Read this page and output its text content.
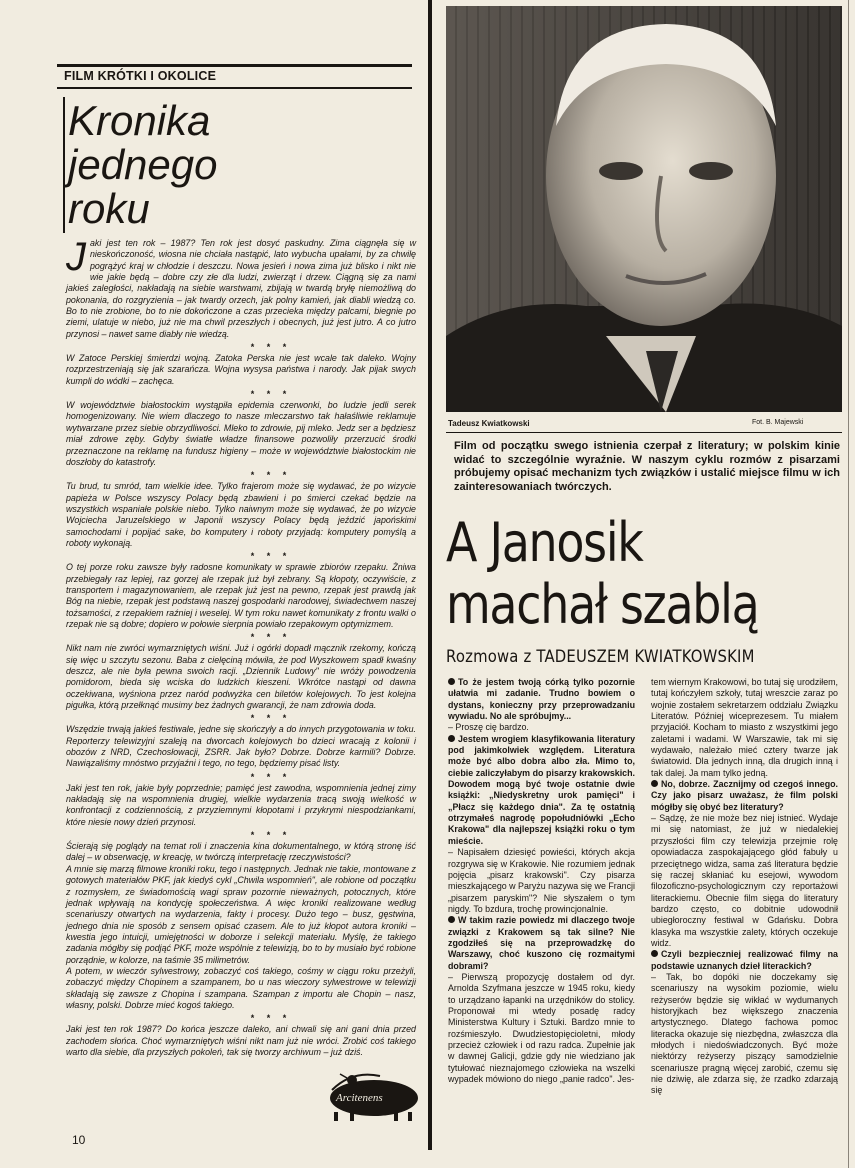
FILM KRÓTKI I OKOLICE
Kronika
jednego
roku

Jaki jest ten rok – 1987? Ten rok jest dosyć paskudny. Zima ciągnęła się w nieskończoność, wiosna nie chciała nastąpić, lato wybucha upałami, by za chwilę pogrążyć kraj w chłodzie i deszczu. Nowa jesień i nowa zima już blisko i nikt nie wie jakie będą – dobre czy złe dla ludzi, zwierząt i drzew. Ciągną się za nami jakieś zaległości, nakładają na siebie warstwami, zbijają w twardą bryłę niemożliwą do pokonania, do rozgryzienia – jak twardy orzech, jak polny kamień, jak diabli wiedzą co. Bo to nie zrobione, bo to nie dokończone a czas przecieka między palcami, biegnie po ziemi, ulatuje w niebo, już nie ma chwil przeszłych i obecnych, już jest jutro. A co jutro przynosi – nawet same diabły nie wiedzą.

* * *

W Zatoce Perskiej śmierdzi wojną. Zatoka Perska nie jest wcale tak daleko. Wojny rozprzestrzeniają się jak szarańcza. Wojna wysysa państwa i narody. Jak pijak swych kumpli do wódki – zachęca.

* * *

W województwie białostockim wystąpiła epidemia czerwonki, bo ludzie jedli serek homogenizowany. Nie wiem dlaczego to nasze mleczarstwo tak hałaśliwie reklamuje wytwarzane przez siebie obrzydliwości. Mleko to zdrowie, pij mleko. Jedz ser a będziesz miał zdrowe zęby. Gdyby światłe władze finansowe pozwoliły przerzucić środki przeznaczone na reklamę na fundusz higieny – może w województwie białostockim nie doszłoby do katastrofy.

* * *

Tu brud, tu smród, tam wielkie idee. Tylko frajerom może się wydawać, że po wizycie papieża w Polsce wszyscy Polacy będą zbawieni i po śmierci czekać będzie na wszystkich wspaniałe polskie niebo. Tylko naiwnym może się wydawać, że po wizycie Wojciecha Jaruzelskiego w Japonii wszyscy Polacy będą jeździć japońskimi samochodami i popijać sake, bo komputery i roboty przyjadą: komputery pomyślą a roboty wykonają.

* * *

O tej porze roku zawsze były radosne komunikaty w sprawie zbiorów rzepaku. Żniwa przebiegały raz lepiej, raz gorzej ale rzepak już był zebrany. Są kłopoty, oczywiście, z transportem i magazynowaniem, ale rzepak już jest na pewno, rzepak jest prawdą jak Bóg na niebie, rzepak jest podstawą naszej gospodarki narodowej, świadectwem naszej tożsamości, z rzepakiem raźniej i weselej. W tym roku nawet komunikaty z frontu walki o rzepak nie są dobre; dopiero w połowie sierpnia powiało rzepakowym optymizmem.

* * *

Nikt nam nie zwróci wymarzniętych wiśni. Już i ogórki dopadł mącznik rzekomy, kończą się więc u szczytu sezonu. Baba z cielęciną mówiła, że pod Wyszkowem spadł kwaśny deszcz, ale nie była pewna swoich racji. „Dziennik Ludowy" nie wróży powodzenia pomidorom, bieda się wciska do ludzkich kieszeni. Wkrótce nastąpi od dawna oczekiwana, wyśniona przez naród podwyżka cen biletów kolejowych. To jest kolejna pigułka, którą przełknąć musimy bez żadnych gwarancji, że nam zdrowia doda.

* * *

Wszędzie trwają jakieś festiwale, jedne się skończyły a do innych przygotowania w toku. Reporterzy telewizyjni szaleją na dworcach kolejowych bo dzieci wracają z kolonii i obozów z NRD, Czechosłowacji, ZSRR. Jak było? Dobrze. Dobrze karmili? Dobrze. Nawiązaliśmy mnóstwo przyjaźni i tego, no tego, będziemy pisać listy.

* * *

Jaki jest ten rok, jakie były poprzednie; pamięć jest zawodna, wspomnienia jednej zimy nakładają się na wspomnienia drugiej, wielkie wydarzenia tracą swoją wielkość w konfrontacji z codziennością, z przyziemnymi kłopotami i przykrymi niespodziankami, które niesie nowy dzień przynosi.

* * *

Ścierają się poglądy na temat roli i znaczenia kina dokumentalnego, w którą stronę iść dalej – w obserwację, w kreację, w twórczą interpretację rzeczywistości?

A mnie się marzą filmowe kroniki roku, tego i następnych. Jednak nie takie, montowane z gotowych materiałów PKF, jak kiedyś cykl „Chwila wspomnień", ale robione od początku z rozmysłem, ze świadomością wagi spraw pozornie nieważnych, potocznych, które jednak wpływają na kondycję społeczeństwa. A więc kroniki realizowane według scenariuszy otwartych na wydarzenia, fakty i procesy. Dużo tego – busz, gęstwina, jednego dnia nie sposób z sensem opisać czasem. Ale to już kłopot autora kroniki – kwestia jego intuicji, umiejętności w doborze i selekcji materiału. Myślę, że takiego zadania mógłby się podjąć PKF, może wspólnie z telewizją, bo to by musiało być robione porządnie, w kolorze, na taśmie 35 milimetrów.

A potem, w wieczór sylwestrowy, zobaczyć coś takiego, cośmy w ciągu roku przeżyli, zobaczyć między Chopinem a szampanem, bo u nas wieczory sylwestrowe w telewizji składają się zawsze z Chopina i szampana. Szampan z importu ale Chopin – nasz, własny, polski. Dobrze mieć kogoś takiego.

* * *

Jaki jest ten rok 1987? Do końca jeszcze daleko, ani chwali się ani gani dnia przed zachodem słońca. Choć wymarzniętych wiśni nikt nam już nie wróci. Zrobić coś takiego warto dla siebie, dla przyszłych pokoleń, tak się tworzy archiwum – już dziś.

Arcitenens
10
Tadeusz Kwiatkowski	Fot. B. Majewski
Film od początku swego istnienia czerpał z literatury; w polskim kinie widać to szczególnie wyraźnie. W naszym cyklu rozmów z pisarzami próbujemy opisać mechanizm tych związków i ustalić miejsce filmu w ich zainteresowaniach twórczych.
A Janosik
machał szablą
Rozmowa z TADEUSZEM KWIATKOWSKIM

To że jestem twoją córką tylko pozornie ułatwia mi zadanie. Trudno bowiem o dystans, konieczny przy przeprowadzaniu wywiadu. No ale spróbujmy...

– Proszę cię bardzo.

Jestem wrogiem klasyfikowania literatury pod jakimkolwiek względem. Literatura może być albo dobra albo zła. Mimo to, ciebie zaliczyłabym do pisarzy krakowskich. Dowodem mogą być twoje ostatnie dwie książki: „Niedyskretny urok pamięci" i „Płacz się każdego dnia". Za tę ostatnią otrzymałeś nagrodę popołudniówki „Echo Krakowa" dla najlepszej książki roku o tym mieście.

– Napisałem dziesięć powieści, których akcja rozgrywa się w Krakowie. Nie rozumiem jednak pojęcia „pisarz krakowski". Czy pisarza mieszkającego w Paryżu nazywa się we Francji „pisarzem paryskim"? Nie słyszałem o tym nigdy. To bzdura, trochę prowincjonalnie.

W takim razie powiedz mi dlaczego twoje związki z Krakowem są tak silne? Nie zgodziłeś się na przeprowadzkę do Warszawy, choć kuszono cię rozmaitymi dobrami?

– Pierwszą propozycję dostałem od dyr. Arnolda Szyfmana jeszcze w 1945 roku, kiedy to urządzano łapanki na urzędników do stolicy. Proponował mi wtedy posadę radcy Ministerstwa Kultury i Sztuki. Bardzo mnie to rozśmieszyło. Dwudziestopięcioletni, młody przecież człowiek i od razu radca. Zupełnie jak w dawnej Galicji, gdzie gdy nie wiedziano jak tytułować nieznajomego człowieka na wszelki wypadek mówiono do niego „panie radco". Jes-

tem wiernym Krakowowi, bo tutaj się urodziłem, tutaj kończyłem szkoły, tutaj wreszcie zaraz po wojnie zostałem sekretarzem oddziału Związku Literatów. Później wiceprezesem. Tu miałem przyjaciół. Kocham to miasto z wszystkimi jego zaletami i wadami. W Warszawie, tak mi się wydawało, należało mieć cztery twarze jak światowid. Dla jednych inną, dla drugich inną i tak dalej. Ja mam tylko jedną.

No, dobrze. Zacznijmy od czegoś innego. Czy jako pisarz uważasz, że film polski mógłby się obyć bez literatury?

– Sądzę, że nie może bez niej istnieć. Wydaje mi się natomiast, że już w niedalekiej przyszłości film czy telewizja przejmie rolę opowiadacza zaspokajającego głód fabuły u przeciętnego widza, sama zaś literatura będzie się raczej skłaniać ku esejowi, wywodom filozoficzno-psychologicznym czy reportażowi literackiemu. Obecnie film sięga do literatury bardzo często, co dobitnie udowodnił ubiegłoroczny festiwal w Gdańsku. Dobra klasyka ma wszystkie zalety, których oczekuje widz.

Czyli bezpieczniej realizować filmy na podstawie uznanych dzieł literackich?

– Tak, bo dopóki nie doczekamy się scenariuszy na wysokim poziomie, wielu reżyserów będzie się wikłać w wydumanych historyjkach bez większego znaczenia artystycznego. Dlatego fachowa pomoc literacka okazuje się niezbędna, zwłaszcza dla młodych i niedoświadczonych. Być może niektórzy reżyserzy piszący samodzielnie scenariusze pragną więcej zarobić, czemu się nie dziwię, ale zdarza się, że rzadko zdarzają się
